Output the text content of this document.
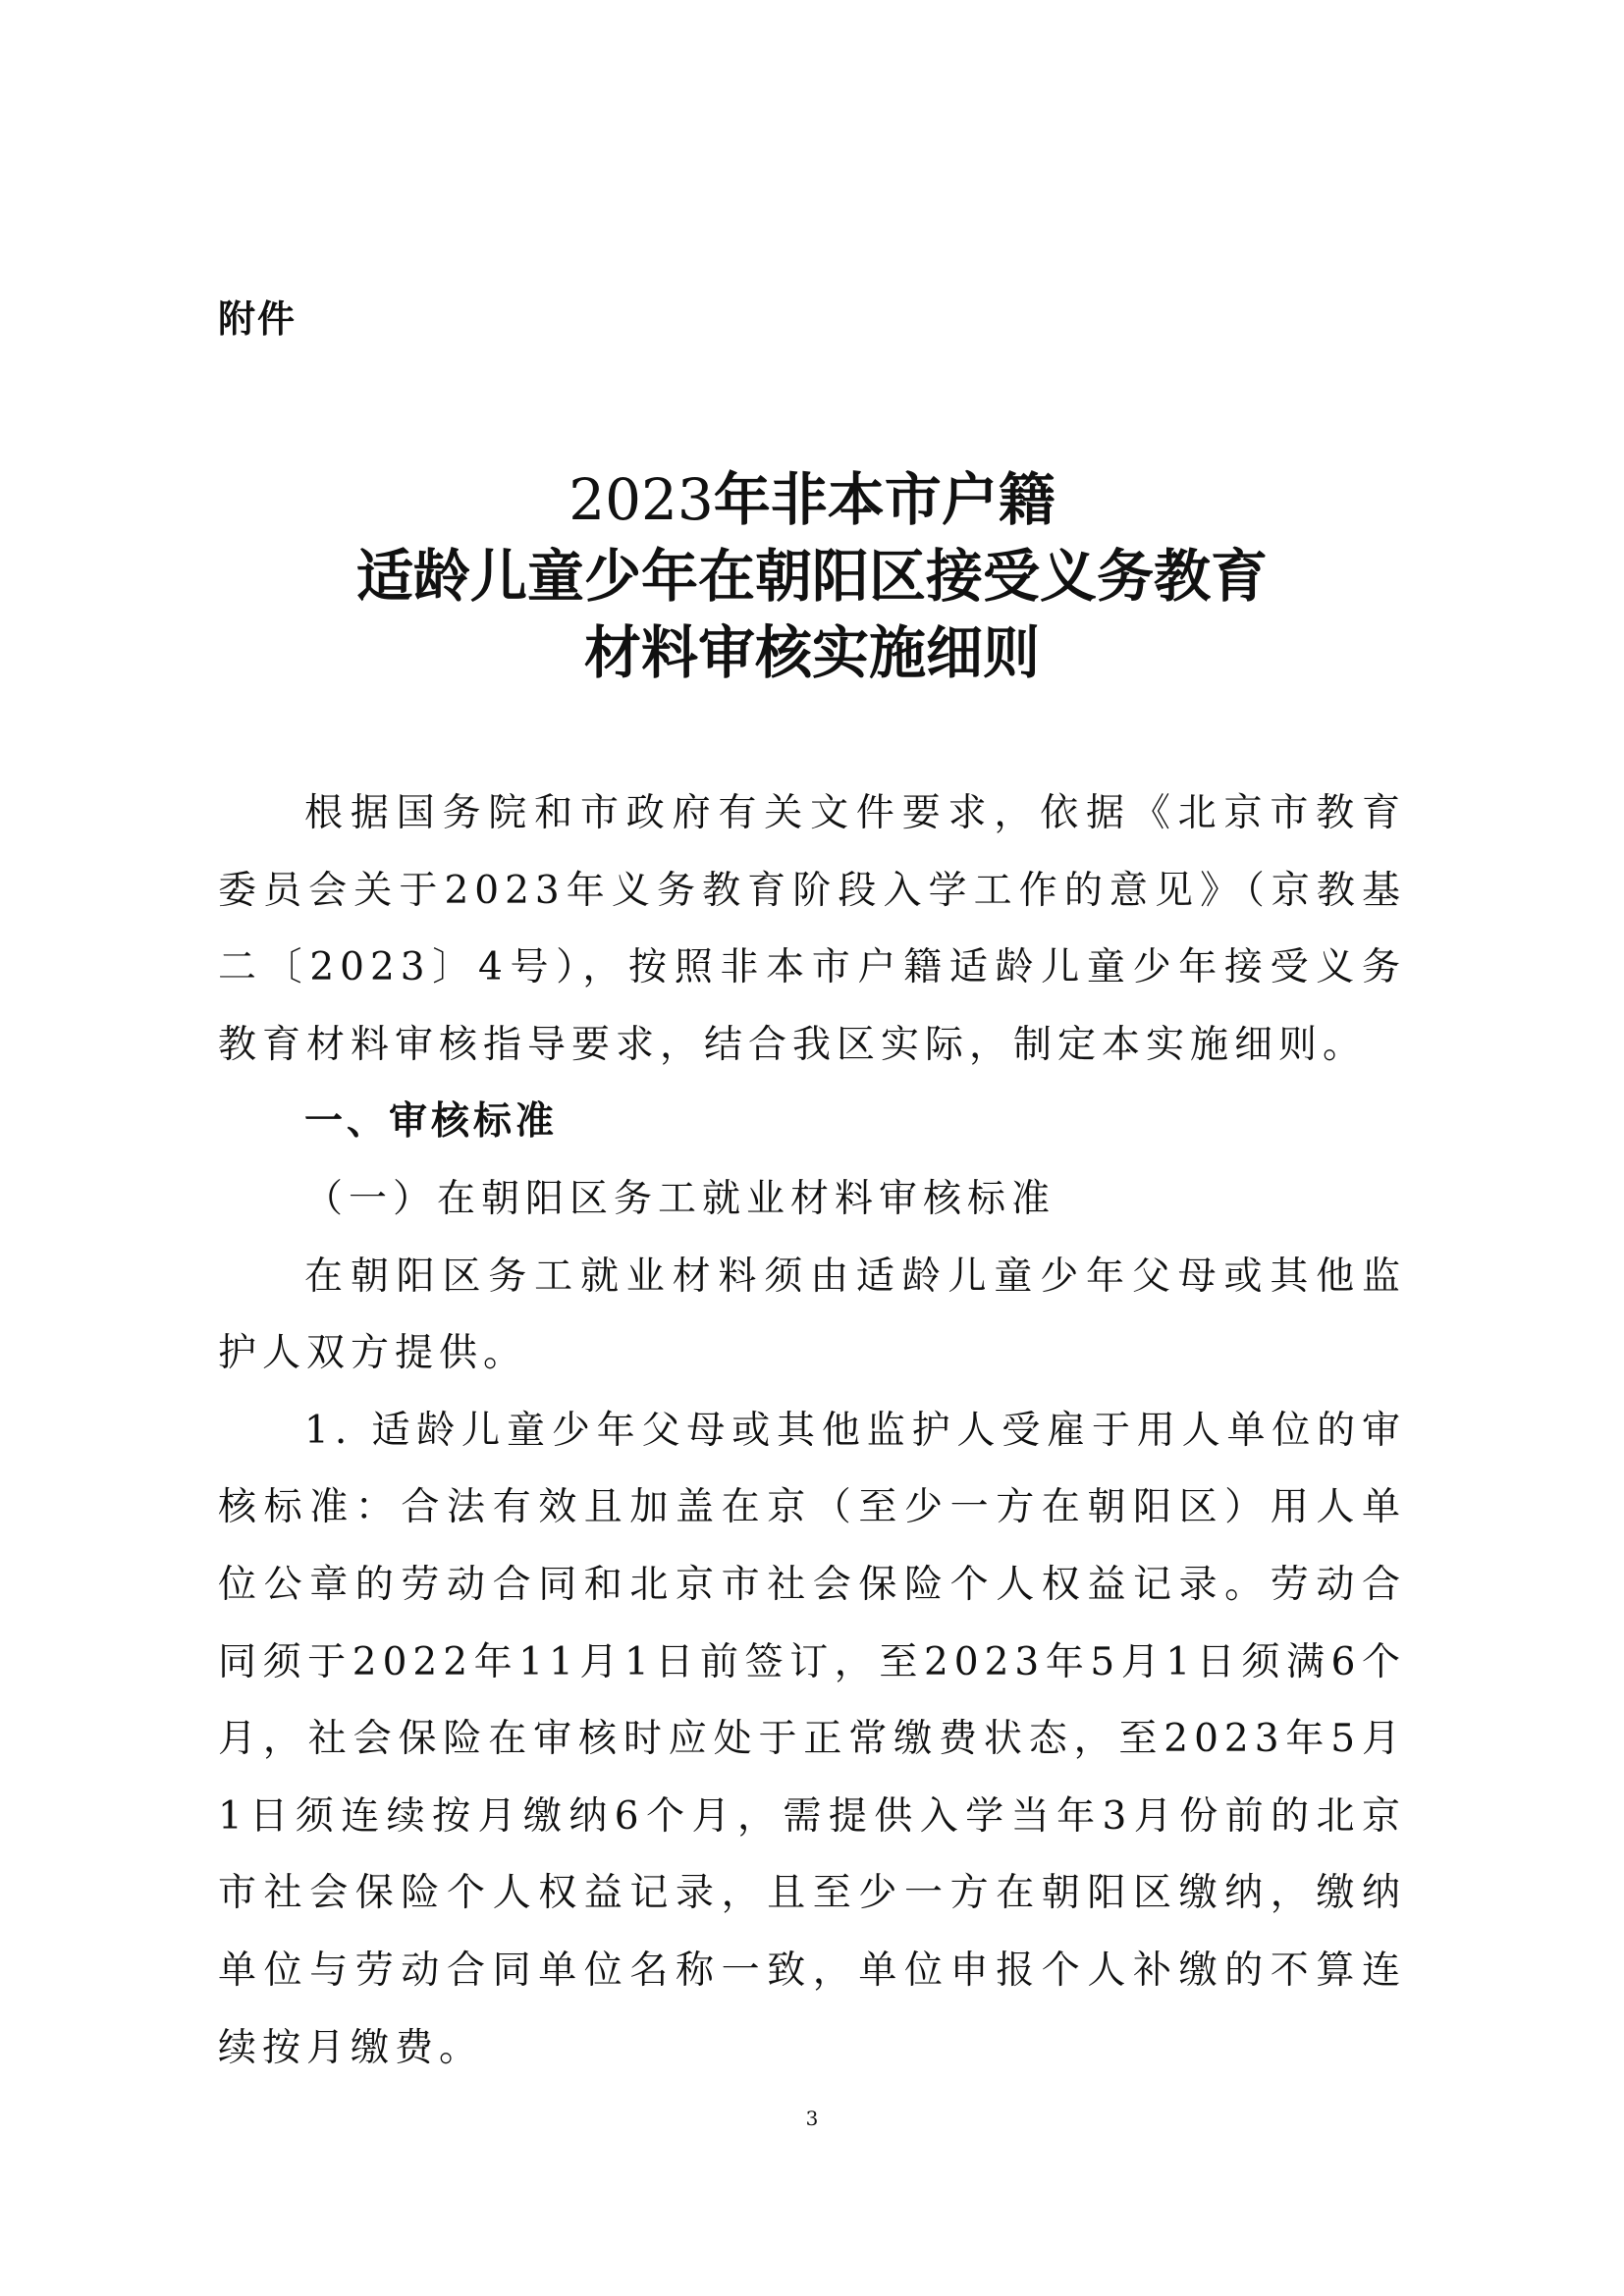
附件
2023年非本市户籍
适龄儿童少年在朝阳区接受义务教育
材料审核实施细则

根据国务院和市政府有关文件要求，依据《北京市教育委员会关于2023年义务教育阶段入学工作的意见》（京教基二〔2023〕4号），按照非本市户籍适龄儿童少年接受义务教育材料审核指导要求，结合我区实际，制定本实施细则。

一、审核标准

（一）在朝阳区务工就业材料审核标准

在朝阳区务工就业材料须由适龄儿童少年父母或其他监护人双方提供。

1. 适龄儿童少年父母或其他监护人受雇于用人单位的审核标准：合法有效且加盖在京（至少一方在朝阳区）用人单位公章的劳动合同和北京市社会保险个人权益记录。劳动合同须于2022年11月1日前签订，至2023年5月1日须满6个月，社会保险在审核时应处于正常缴费状态，至2023年5月1日须连续按月缴纳6个月，需提供入学当年3月份前的北京市社会保险个人权益记录，且至少一方在朝阳区缴纳，缴纳单位与劳动合同单位名称一致，单位申报个人补缴的不算连续按月缴费。

3
